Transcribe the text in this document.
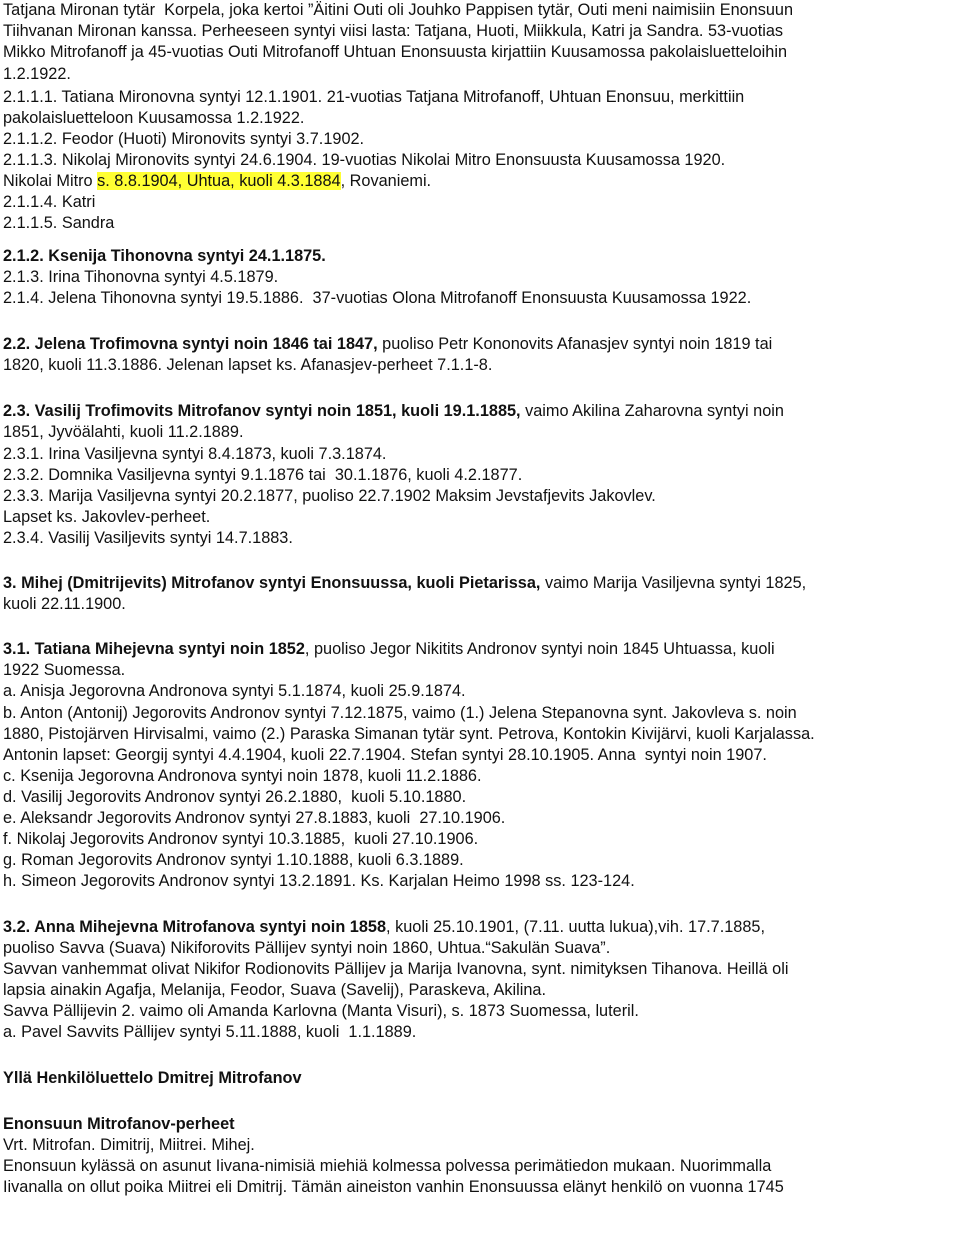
Tatjana Mironan tytär  Korpela, joka kertoi ”Äitini Outi oli Jouhko Pappisen tytär, Outi meni naimisiin Enonsuun
Tiihvanan Mironan kanssa. Perheeseen syntyi viisi lasta: Tatjana, Huoti, Miikkula, Katri ja Sandra. 53-vuotias
Mikko Mitrofanoff ja 45-vuotias Outi Mitrofanoff Uhtuan Enonsuusta kirjattiin Kuusamossa pakolaisluetteloihin
1.2.1922.
2.1.1.1. Tatiana Mironovna syntyi 12.1.1901. 21-vuotias Tatjana Mitrofanoff, Uhtuan Enonsuu, merkittiin
pakolaisluetteloon Kuusamossa 1.2.1922.
2.1.1.2. Feodor (Huoti) Mironovits syntyi 3.7.1902.
2.1.1.3. Nikolaj Mironovits syntyi 24.6.1904. 19-vuotias Nikolai Mitro Enonsuusta Kuusamossa 1920.
Nikolai Mitro s. 8.8.1904, Uhtua, kuoli 4.3.1884, Rovaniemi.
2.1.1.4. Katri
2.1.1.5. Sandra
2.1.2. Ksenija Tihonovna syntyi 24.1.1875.
2.1.3. Irina Tihonovna syntyi 4.5.1879.
2.1.4. Jelena Tihonovna syntyi 19.5.1886.  37-vuotias Olona Mitrofanoff Enonsuusta Kuusamossa 1922.
2.2. Jelena Trofimovna syntyi noin 1846 tai 1847, puoliso Petr Kononovits Afanasjev syntyi noin 1819 tai
1820, kuoli 11.3.1886. Jelenan lapset ks. Afanasjev-perheet 7.1.1-8.
2.3. Vasilij Trofimovits Mitrofanov syntyi noin 1851, kuoli 19.1.1885, vaimo Akilina Zaharovna syntyi noin
1851, Jyvöälahti, kuoli 11.2.1889.
2.3.1. Irina Vasiljevna syntyi 8.4.1873, kuoli 7.3.1874.
2.3.2. Domnika Vasiljevna syntyi 9.1.1876 tai  30.1.1876, kuoli 4.2.1877.
2.3.3. Marija Vasiljevna syntyi 20.2.1877, puoliso 22.7.1902 Maksim Jevstafjevits Jakovlev.
Lapset ks. Jakovlev-perheet.
2.3.4. Vasilij Vasiljevits syntyi 14.7.1883.
3. Mihej (Dmitrijevits) Mitrofanov syntyi Enonsuussa, kuoli Pietarissa, vaimo Marija Vasiljevna syntyi 1825,
kuoli 22.11.1900.
3.1. Tatiana Mihejevna syntyi noin 1852, puoliso Jegor Nikitits Andronov syntyi noin 1845 Uhtuassa, kuoli
1922 Suomessa.
a. Anisja Jegorovna Andronova syntyi 5.1.1874, kuoli 25.9.1874.
b. Anton (Antonij) Jegorovits Andronov syntyi 7.12.1875, vaimo (1.) Jelena Stepanovna synt. Jakovleva s. noin
1880, Pistojärven Hirvisalmi, vaimo (2.) Paraska Simanan tytär synt. Petrova, Kontokin Kivijärvi, kuoli Karjalassa.
Antonin lapset: Georgij syntyi 4.4.1904, kuoli 22.7.1904. Stefan syntyi 28.10.1905. Anna  syntyi noin 1907.
c. Ksenija Jegorovna Andronova syntyi noin 1878, kuoli 11.2.1886.
d. Vasilij Jegorovits Andronov syntyi 26.2.1880,  kuoli 5.10.1880.
e. Aleksandr Jegorovits Andronov syntyi 27.8.1883, kuoli  27.10.1906.
f. Nikolaj Jegorovits Andronov syntyi 10.3.1885,  kuoli 27.10.1906.
g. Roman Jegorovits Andronov syntyi 1.10.1888, kuoli 6.3.1889.
h. Simeon Jegorovits Andronov syntyi 13.2.1891. Ks. Karjalan Heimo 1998 ss. 123-124.
3.2. Anna Mihejevna Mitrofanova syntyi noin 1858, kuoli 25.10.1901, (7.11. uutta lukua),vih. 17.7.1885,
puoliso Savva (Suava) Nikiforovits Pällijev syntyi noin 1860, Uhtua.“Sakulän Suava”.
Savvan vanhemmat olivat Nikifor Rodionovits Pällijev ja Marija Ivanovna, synt. nimityksen Tihanova. Heillä oli
lapsia ainakin Agafja, Melanija, Feodor, Suava (Savelij), Paraskeva, Akilina.
Savva Pällijevin 2. vaimo oli Amanda Karlovna (Manta Visuri), s. 1873 Suomessa, luteril.
a. Pavel Savvits Pällijev syntyi 5.11.1888, kuoli  1.1.1889.
Yllä Henkilöluettelo Dmitrej Mitrofanov
Enonsuun Mitrofanov-perheet
Vrt. Mitrofan. Dimitrij, Miitrei. Mihej.
Enonsuun kylässä on asunut Iivana-nimisiä miehiä kolmessa polvessa perimätiedon mukaan. Nuorimmalla
Iivanalla on ollut poika Miitrei eli Dmitrij. Tämän aineiston vanhin Enonsuussa elänyt henkilö on vuonna 1745
